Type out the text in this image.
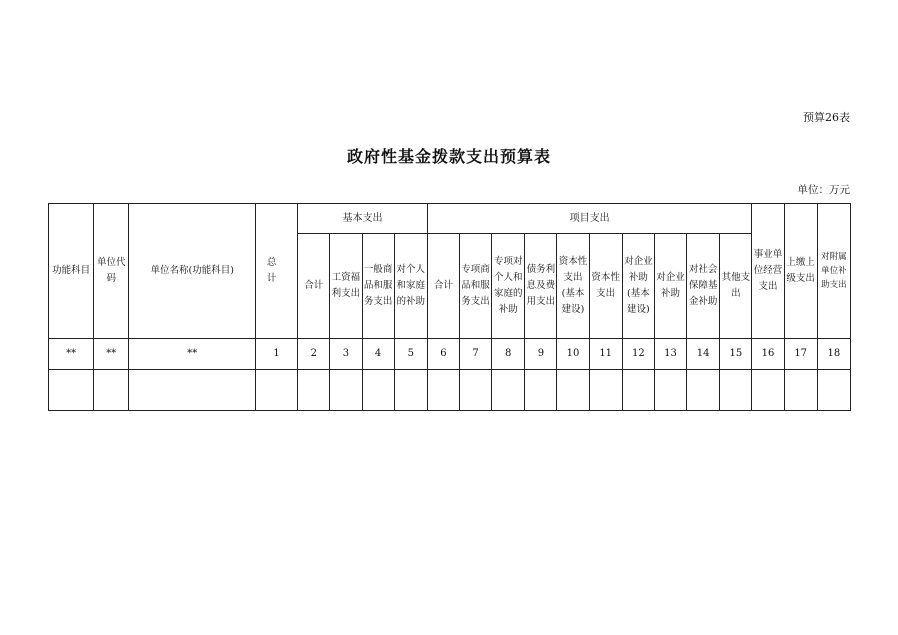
预算26表
政府性基金拨款支出预算表
单位：万元
功能科目	单位代码	单位名称(功能科目)	总 计	基本支出				项目支出										事业单位经营支出	上缴上级支出	对附属单位补助支出
				合计	工资福利支出	一般商品和服务支出	对个人和家庭的补助	合计	专项商品和服务支出	专项对个人和家庭的补助	债务利息及费用支出	资本性支出(基本建设)	资本性支出	对企业补助(基本建设)	对企业补助	对社会保障基金补助	其他支出			
**	**	**	1	2	3	4	5	6	7	8	9	10	11	12	13	14	15	16	17	18
